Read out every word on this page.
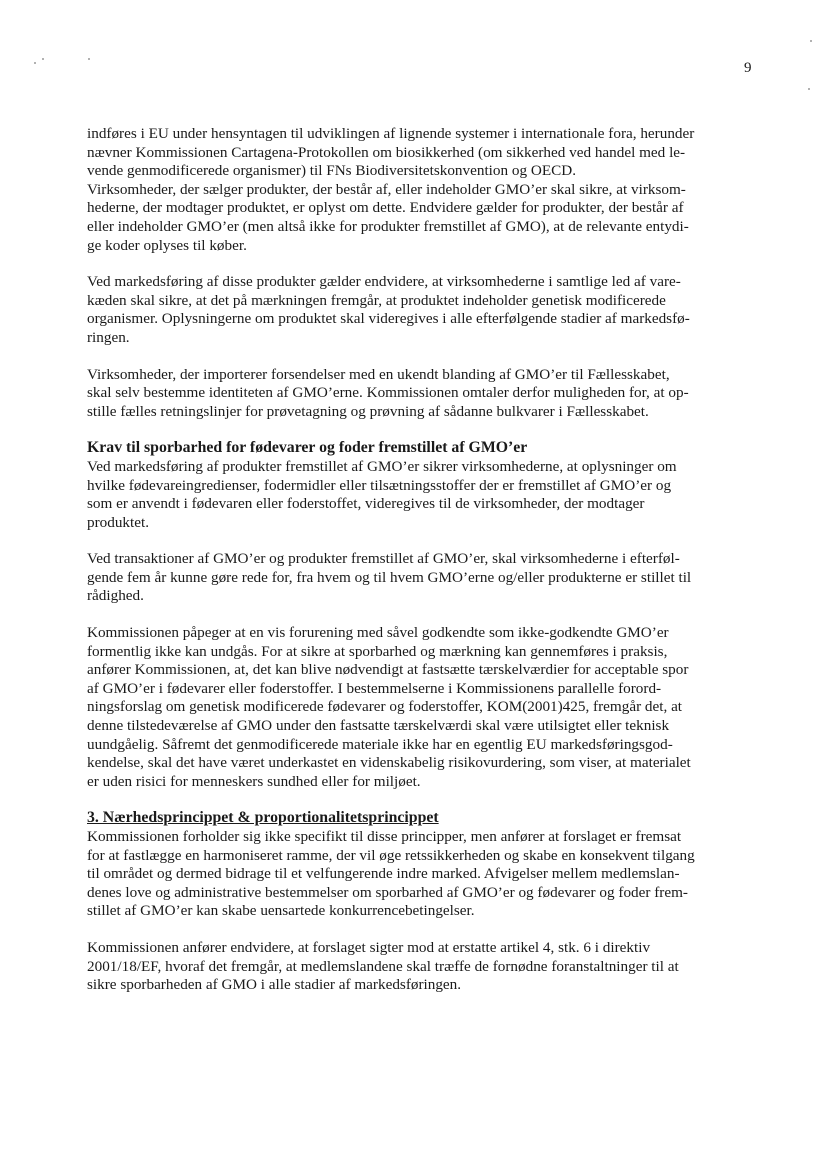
9

indføres i EU under hensyntagen til udviklingen af lignende systemer i internationale fora, herunder
nævner Kommissionen Cartagena-Protokollen om biosikkerhed (om sikkerhed ved handel med le-
vende genmodificerede organismer) til FNs Biodiversitetskonvention og OECD.
Virksomheder, der sælger produkter, der består af, eller indeholder GMO’er skal sikre, at virksom-
hederne, der modtager produktet, er oplyst om dette. Endvidere gælder for produkter, der består af
eller indeholder GMO’er (men altså ikke for produkter fremstillet af GMO), at de relevante entydi-
ge koder oplyses til køber.

Ved markedsføring af disse produkter gælder endvidere, at virksomhederne i samtlige led af vare-
kæden skal sikre, at det på mærkningen fremgår, at produktet indeholder genetisk modificerede
organismer. Oplysningerne om produktet skal videregives i alle efterfølgende stadier af markedsfø-
ringen.

Virksomheder, der importerer forsendelser med en ukendt blanding af GMO’er til Fællesskabet,
skal selv bestemme identiteten af GMO’erne. Kommissionen omtaler derfor muligheden for, at op-
stille fælles retningslinjer for prøvetagning og prøvning af sådanne bulkvarer i Fællesskabet.

Krav til sporbarhed for fødevarer og foder fremstillet af GMO’er

Ved markedsføring af produkter fremstillet af GMO’er sikrer virksomhederne, at oplysninger om
hvilke fødevareingredienser, fodermidler eller tilsætningsstoffer der er fremstillet af GMO’er og
som er anvendt i fødevaren eller foderstoffet, videregives til de virksomheder, der modtager
produktet.

Ved transaktioner af GMO’er og produkter fremstillet af GMO’er, skal virksomhederne i efterføl-
gende fem år kunne gøre rede for, fra hvem og til hvem GMO’erne og/eller produkterne er stillet til
rådighed.

Kommissionen påpeger at en vis forurening med såvel godkendte som ikke-godkendte GMO’er
formentlig ikke kan undgås. For at sikre at sporbarhed og mærkning kan gennemføres i praksis,
anfører Kommissionen, at, det kan blive nødvendigt at fastsætte tærskelværdier for acceptable spor
af GMO’er i fødevarer eller foderstoffer. I bestemmelserne i Kommissionens parallelle forord-
ningsforslag om genetisk modificerede fødevarer og foderstoffer, KOM(2001)425, fremgår det, at
denne tilstedeværelse af GMO under den fastsatte tærskelværdi skal være utilsigtet eller teknisk
uundgåelig. Såfremt det genmodificerede materiale ikke har en egentlig EU markedsføringsgod-
kendelse, skal det have været underkastet en videnskabelig risikovurdering, som viser, at materialet
er uden risici for menneskers sundhed eller for miljøet.

3. Nærhedsprincippet & proportionalitetsprincippet

Kommissionen forholder sig ikke specifikt til disse principper, men anfører at forslaget er fremsat
for at fastlægge en harmoniseret ramme, der vil øge retssikkerheden og skabe en konsekvent tilgang
til området og dermed bidrage til et velfungerende indre marked. Afvigelser mellem medlemslan-
denes love og administrative bestemmelser om sporbarhed af GMO’er og fødevarer og foder frem-
stillet af GMO’er kan skabe uensartede konkurrencebetingelser.

Kommissionen anfører endvidere, at forslaget sigter mod at erstatte artikel 4, stk. 6 i direktiv
2001/18/EF, hvoraf det fremgår, at medlemslandene skal træffe de fornødne foranstaltninger til at
sikre sporbarheden af GMO i alle stadier af markedsføringen.
